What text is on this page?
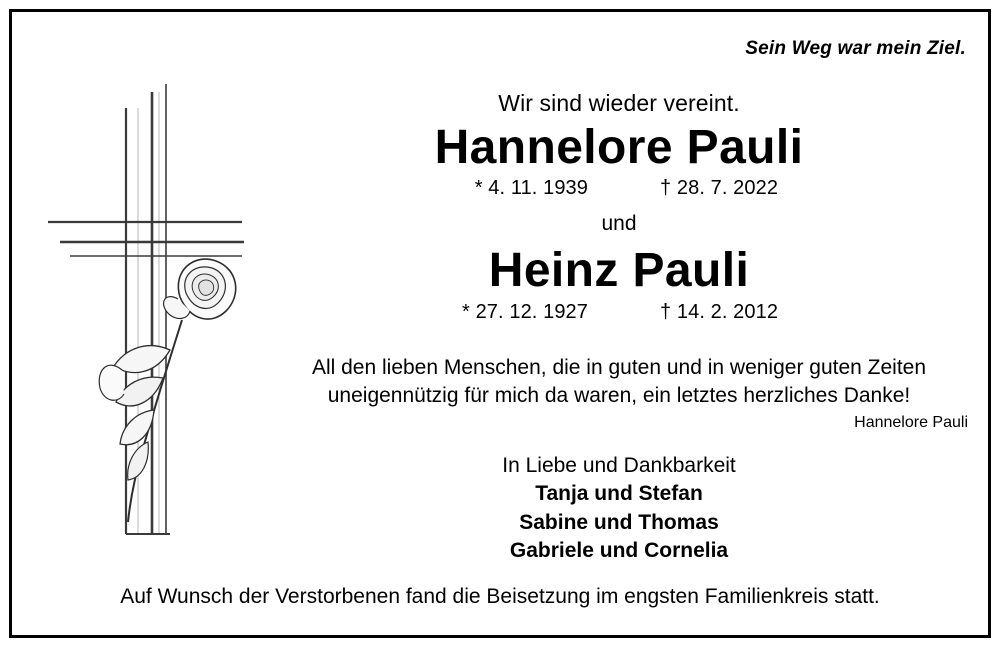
Sein Weg war mein Ziel.

Wir sind wieder vereint.

Hannelore Pauli

* 4. 11. 1939	† 28. 7. 2022

und

Heinz Pauli

* 27. 12. 1927	† 14. 2. 2012

All den lieben Menschen, die in guten und in weniger guten Zeiten uneigennützig für mich da waren, ein letztes herzliches Danke!

Hannelore Pauli

In Liebe und Dankbarkeit

Tanja und Stefan
Sabine und Thomas
Gabriele und Cornelia
Auf Wunsch der Verstorbenen fand die Beisetzung im engsten Familienkreis statt.
